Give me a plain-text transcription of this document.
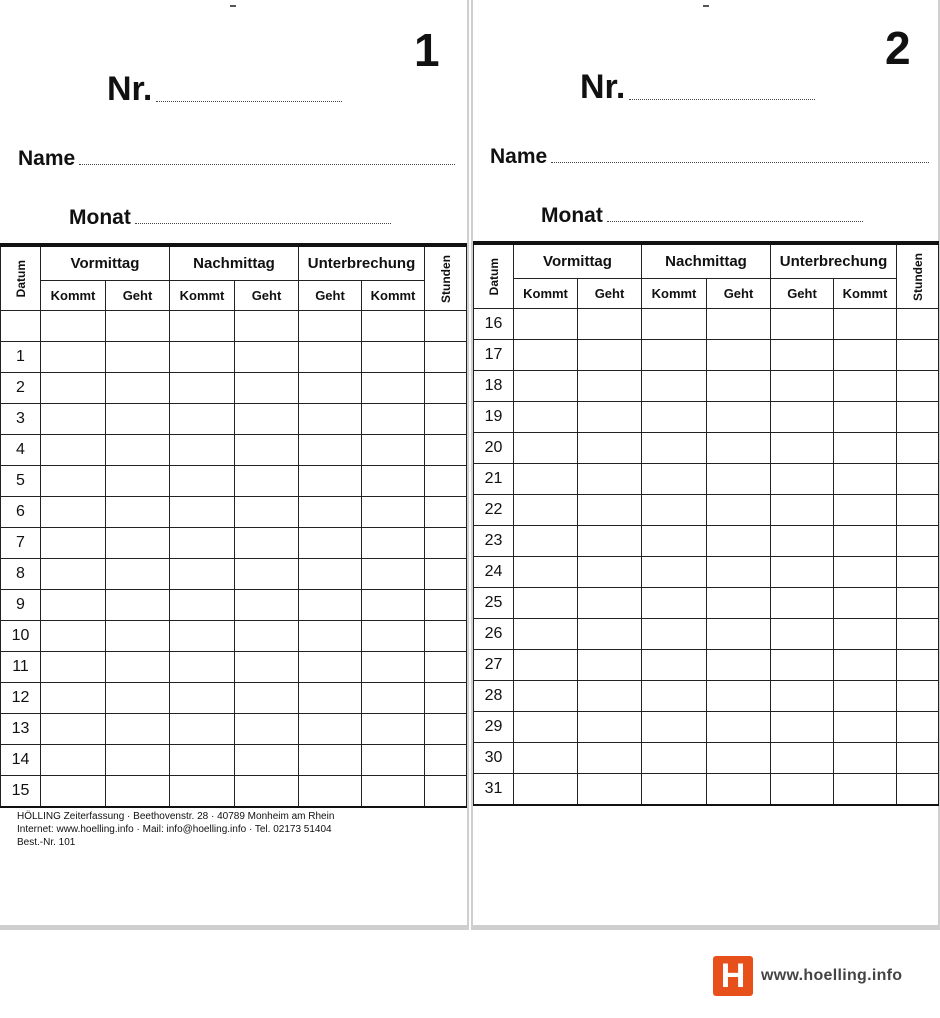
1
Nr.
Name
Monat
Datum	Vormittag		Nachmittag		Unterbrechung		Stunden

	Kommt	Geht	Kommt	Geht	Geht	Kommt	

1							
2							
3							
4							
5							
6							
7							
8							
9							
10							
11							
12							
13							
14							
15							
HÖLLING Zeiterfassung · Beethovenstr. 28 · 40789 Monheim am Rhein
Internet: www.hoelling.info · Mail: info@hoelling.info · Tel. 02173 51404
Best.-Nr. 101
2
Nr.
Name
Monat
Datum	Vormittag		Nachmittag		Unterbrechung		Stunden

	Kommt	Geht	Kommt	Geht	Geht	Kommt	
16							
17							
18							
19							
20							
21							
22							
23							
24							
25							
26							
27							
28							
29							
30							
31							
H www.hoelling.info
